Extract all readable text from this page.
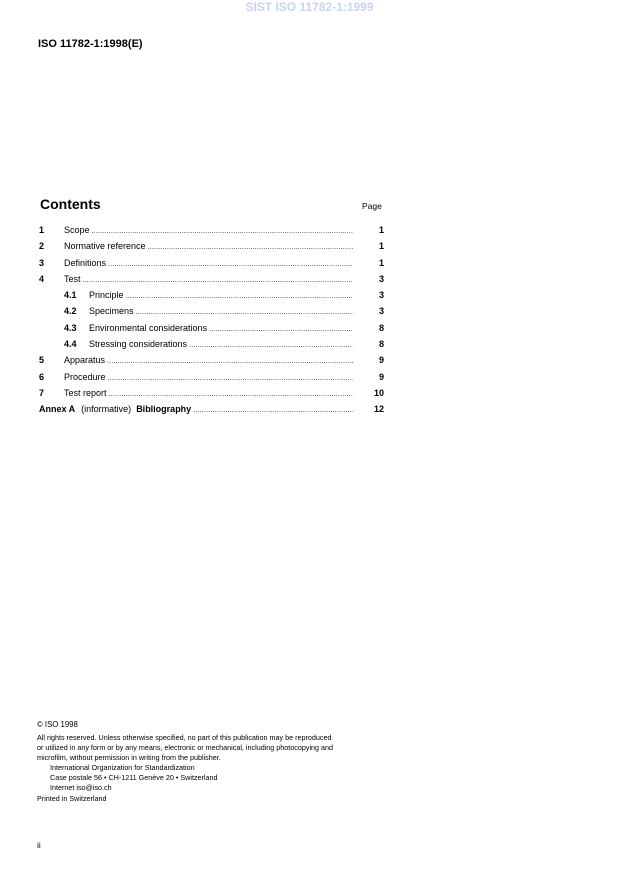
SIST ISO 11782-1:1999
ISO 11782-1:1998(E)
Contents	Page
1	Scope .....	1
2	Normative reference .....	1
3	Definitions .....	1
4	Test .....	3
4.1	Principle .....	3
4.2	Specimens .....	3
4.3	Environmental considerations .....	8
4.4	Stressing considerations .....	8
5	Apparatus .....	9
6	Procedure .....	9
7	Test report .....	10
Annex A (informative) Bibliography .....	12
© ISO 1998
All rights reserved. Unless otherwise specified, no part of this publication may be reproduced
or utilized in any form or by any means, electronic or mechanical, including photocopying and
microfilm, without permission in writing from the publisher.
International Organization for Standardization
Case postale 56 • CH-1211 Genève 20 • Switzerland
Internet iso@iso.ch
Printed in Switzerland
ii
